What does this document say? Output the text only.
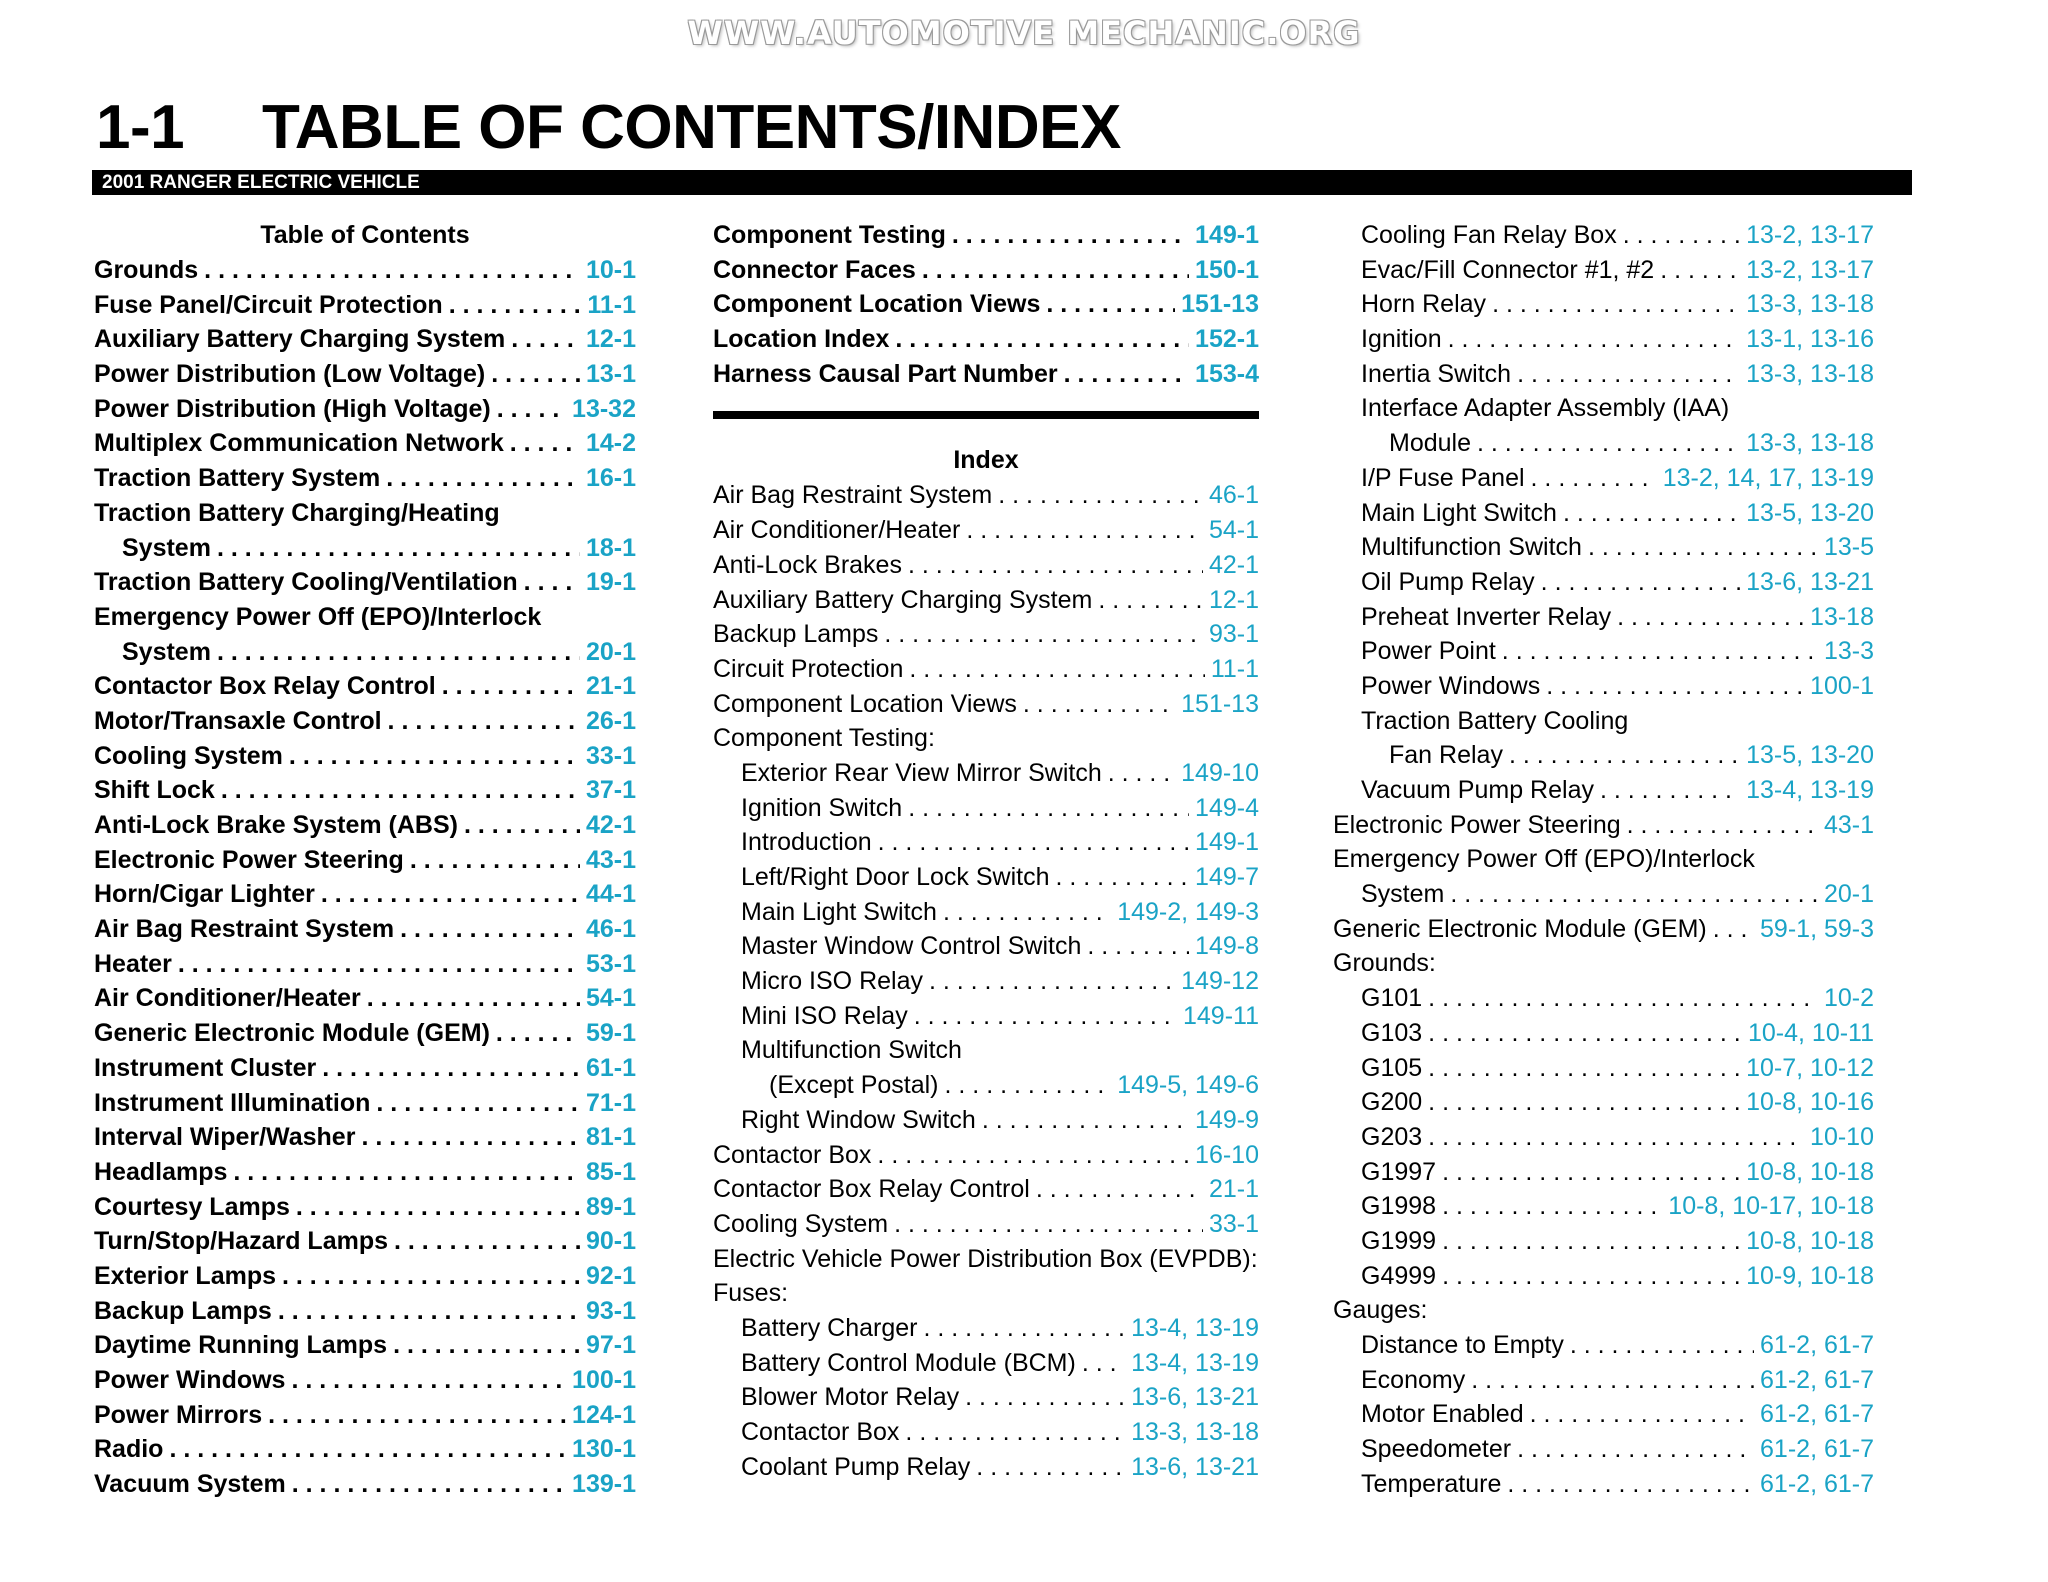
WWW.AUTOMOTIVE MECHANIC.ORG
1-1 TABLE OF CONTENTS/INDEX
2001 RANGER ELECTRIC VEHICLE
Table of Contents
Grounds . . .	10-1
Fuse Panel/Circuit Protection . . .	11-1
Auxiliary Battery Charging System . . .	12-1
Power Distribution (Low Voltage) . . .	13-1
Power Distribution (High Voltage) . . .	13-32
Multiplex Communication Network . . .	14-2
Traction Battery System . . .	16-1
Traction Battery Charging/Heating
System . . .	18-1
Traction Battery Cooling/Ventilation . . .	19-1
Emergency Power Off (EPO)/Interlock
System . . .	20-1
Contactor Box Relay Control . . .	21-1
Motor/Transaxle Control . . .	26-1
Cooling System . . .	33-1
Shift Lock . . .	37-1
Anti-Lock Brake System (ABS) . . .	42-1
Electronic Power Steering . . .	43-1
Horn/Cigar Lighter . . .	44-1
Air Bag Restraint System . . .	46-1
Heater . . .	53-1
Air Conditioner/Heater . . .	54-1
Generic Electronic Module (GEM) . . .	59-1
Instrument Cluster . . .	61-1
Instrument Illumination . . .	71-1
Interval Wiper/Washer . . .	81-1
Headlamps . . .	85-1
Courtesy Lamps . . .	89-1
Turn/Stop/Hazard Lamps . . .	90-1
Exterior Lamps . . .	92-1
Backup Lamps . . .	93-1
Daytime Running Lamps . . .	97-1
Power Windows . . .	100-1
Power Mirrors . . .	124-1
Radio . . .	130-1
Vacuum System . . .	139-1
Component Testing . . .	149-1
Connector Faces . . .	150-1
Component Location Views . . .	151-13
Location Index . . .	152-1
Harness Causal Part Number . . .	153-4
Index
Air Bag Restraint System . . .	46-1
Air Conditioner/Heater . . .	54-1
Anti-Lock Brakes . . .	42-1
Auxiliary Battery Charging System . . .	12-1
Backup Lamps . . .	93-1
Circuit Protection . . .	11-1
Component Location Views . . .	151-13
Component Testing:
Exterior Rear View Mirror Switch . . .	149-10
Ignition Switch . . .	149-4
Introduction . . .	149-1
Left/Right Door Lock Switch . . .	149-7
Main Light Switch . . .	149-2, 149-3
Master Window Control Switch . . .	149-8
Micro ISO Relay . . .	149-12
Mini ISO Relay . . .	149-11
Multifunction Switch
(Except Postal) . . .	149-5, 149-6
Right Window Switch . . .	149-9
Contactor Box . . .	16-10
Contactor Box Relay Control . . .	21-1
Cooling System . . .	33-1
Electric Vehicle Power Distribution Box (EVPDB):
Fuses:
Battery Charger . . .	13-4, 13-19
Battery Control Module (BCM) . . . 13-4, 13-19
Blower Motor Relay . . .	13-6, 13-21
Contactor Box . . .	13-3, 13-18
Coolant Pump Relay . . .	13-6, 13-21
Cooling Fan Relay Box . . .	13-2, 13-17
Evac/Fill Connector #1, #2 . . .	13-2, 13-17
Horn Relay . . .	13-3, 13-18
Ignition . . .	13-1, 13-16
Inertia Switch . . .	13-3, 13-18
Interface Adapter Assembly (IAA)
Module . . .	13-3, 13-18
I/P Fuse Panel . . .	13-2, 14, 17, 13-19
Main Light Switch . . .	13-5, 13-20
Multifunction Switch . . .	13-5
Oil Pump Relay . . .	13-6, 13-21
Preheat Inverter Relay . . .	13-18
Power Point . . .	13-3
Power Windows . . .	100-1
Traction Battery Cooling
Fan Relay . . .	13-5, 13-20
Vacuum Pump Relay . . .	13-4, 13-19
Electronic Power Steering . . .	43-1
Emergency Power Off (EPO)/Interlock
System . . .	20-1
Generic Electronic Module (GEM) . . . 59-1, 59-3
Grounds:
G101 . . .	10-2
G103 . . .	10-4, 10-11
G105 . . .	10-7, 10-12
G200 . . .	10-8, 10-16
G203 . . .	10-10
G1997 . . .	10-8, 10-18
G1998 . . .	10-8, 10-17, 10-18
G1999 . . .	10-8, 10-18
G4999 . . .	10-9, 10-18
Gauges:
Distance to Empty . . .	61-2, 61-7
Economy . . .	61-2, 61-7
Motor Enabled . . .	61-2, 61-7
Speedometer . . .	61-2, 61-7
Temperature . . .	61-2, 61-7
